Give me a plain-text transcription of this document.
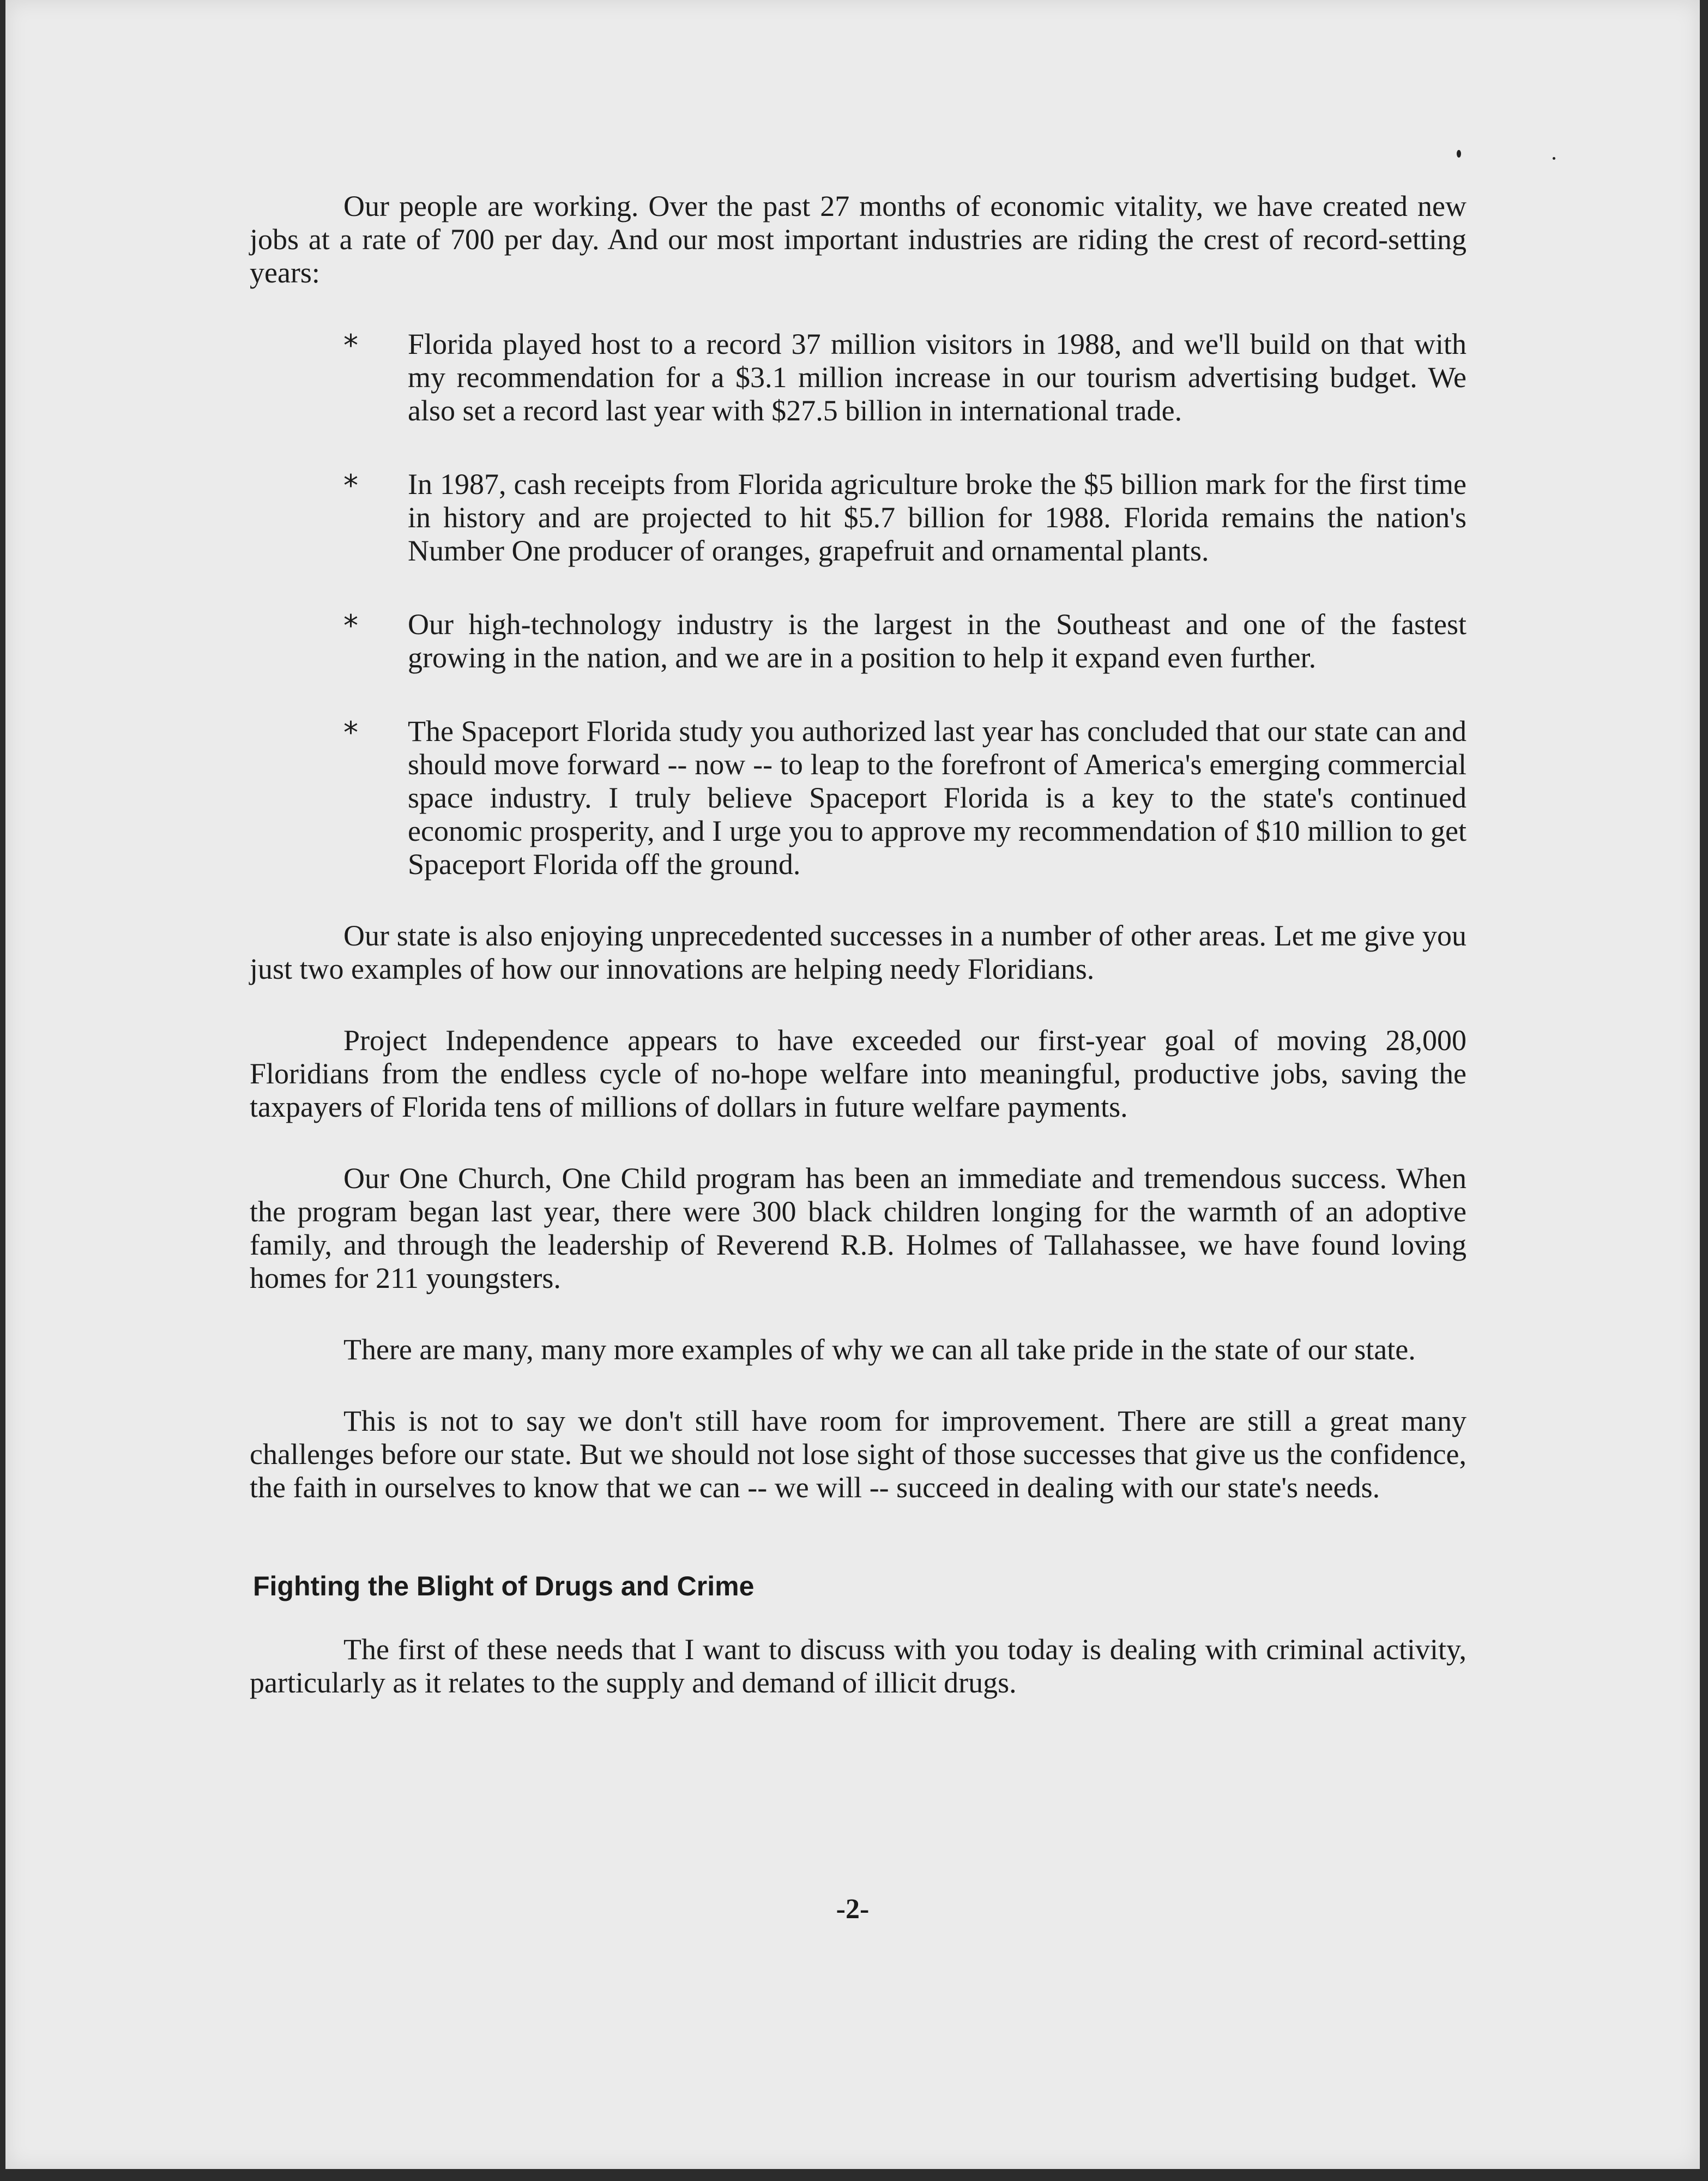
Our people are working. Over the past 27 months of economic vitality, we have created new jobs at a rate of 700 per day. And our most important industries are riding the crest of record-setting years:

* Florida played host to a record 37 million visitors in 1988, and we'll build on that with my recommendation for a $3.1 million increase in our tourism advertising budget. We also set a record last year with $27.5 billion in international trade.
* In 1987, cash receipts from Florida agriculture broke the $5 billion mark for the first time in history and are projected to hit $5.7 billion for 1988. Florida remains the nation's Number One producer of oranges, grapefruit and ornamental plants.
* Our high-technology industry is the largest in the Southeast and one of the fastest growing in the nation, and we are in a position to help it expand even further.
* The Spaceport Florida study you authorized last year has concluded that our state can and should move forward -- now -- to leap to the forefront of America's emerging commercial space industry. I truly believe Spaceport Florida is a key to the state's continued economic prosperity, and I urge you to approve my recommendation of $10 million to get Spaceport Florida off the ground.

Our state is also enjoying unprecedented successes in a number of other areas. Let me give you just two examples of how our innovations are helping needy Floridians.

Project Independence appears to have exceeded our first-year goal of moving 28,000 Floridians from the endless cycle of no-hope welfare into meaningful, productive jobs, saving the taxpayers of Florida tens of millions of dollars in future welfare payments.

Our One Church, One Child program has been an immediate and tremendous success. When the program began last year, there were 300 black children longing for the warmth of an adoptive family, and through the leadership of Reverend R.B. Holmes of Tallahassee, we have found loving homes for 211 youngsters.

There are many, many more examples of why we can all take pride in the state of our state.

This is not to say we don't still have room for improvement. There are still a great many challenges before our state. But we should not lose sight of those successes that give us the confidence, the faith in ourselves to know that we can -- we will -- succeed in dealing with our state's needs.

Fighting the Blight of Drugs and Crime

The first of these needs that I want to discuss with you today is dealing with criminal activity, particularly as it relates to the supply and demand of illicit drugs.

-2-
